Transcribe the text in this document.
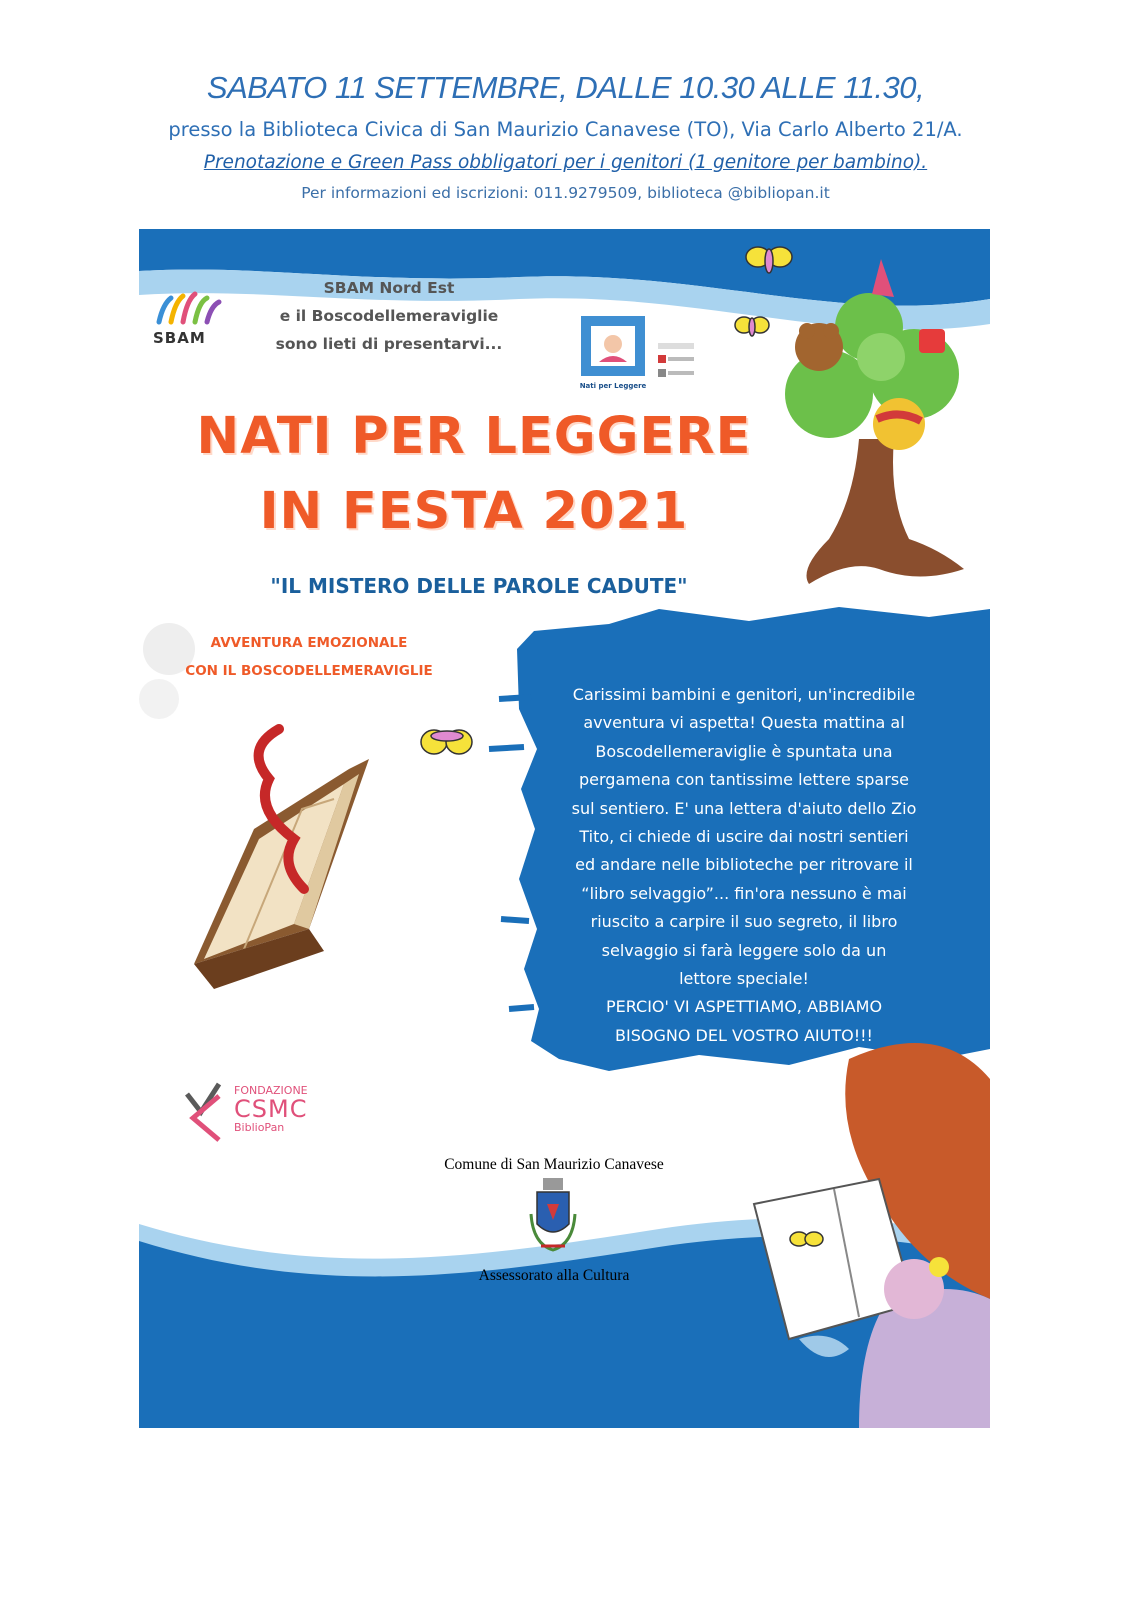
SABATO 11 SETTEMBRE, DALLE 10.30 ALLE 11.30,
presso la Biblioteca Civica di San Maurizio Canavese (TO), Via Carlo Alberto 21/A.
Prenotazione e Green Pass obbligatori per i genitori (1 genitore per bambino).
Per informazioni ed iscrizioni: 011.9279509, biblioteca @bibliopan.it
SBAM
SBAM Nord Est
e il Boscodellemeraviglie
sono lieti di presentarvi...
Nati per Leggere
NATI PER LEGGERE
IN FESTA 2021
"IL MISTERO DELLE PAROLE CADUTE"
AVVENTURA EMOZIONALE
CON IL BOSCODELLEMERAVIGLIE
Carissimi bambini e genitori, un'incredibile
avventura vi aspetta! Questa mattina al
Boscodellemeraviglie è spuntata una
pergamena con tantissime lettere sparse
sul sentiero. E' una lettera d'aiuto dello Zio
Tito, ci chiede di uscire dai nostri sentieri
ed andare nelle biblioteche per ritrovare il
“libro selvaggio”... fin'ora nessuno è mai
riuscito a carpire il suo segreto, il libro
selvaggio si farà leggere solo da un
lettore speciale!
PERCIO' VI ASPETTIAMO, ABBIAMO
BISOGNO DEL VOSTRO AIUTO!!!
FONDAZIONE
CSMC
BiblioPan
Comune di San Maurizio Canavese
Assessorato alla Cultura
